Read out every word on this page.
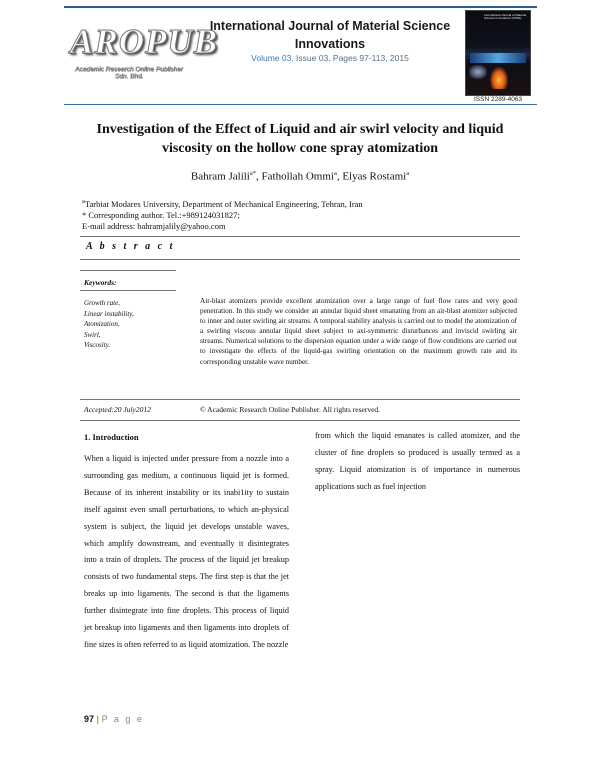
AROPUB
Academic Research Online Publisher Sdn. Bhd.
International Journal of Material Science Innovations
Volume 03, Issue 03, Pages 97-113, 2015
International Journal of Material Science Innovations (IJMSI)
ISSN 2289-4063
Investigation of the Effect of Liquid and air swirl velocity and liquid viscosity on the hollow cone spray atomization
Bahram Jalili$^{a*}$, Fathollah Ommi$^a$, Elyas Rostami$^a$
$^a$Tarbiat Modares University, Department of Mechanical Engineering, Tehran, Iran
* Corresponding author. Tel.:+989124031827;
E-mail address: bahramjalily@yahoo.com
A b s t r a c t
Keywords:
Growth rate,
Linear instability,
Atomization,
Swirl,
Viscosity.
Air-blast atomizers provide excellent atomization over a large range of fuel flow rates and very good penetration. In this study we consider an annular liquid sheet emanating from an air-blast atomizer subjected to inner and outer swirling air streams. A temporal stability analysis is carried out to model the atomization of a swirling viscous annular liquid sheet subject to axi-symmetric disturbances and inviscid swirling air streams. Numerical solutions to the dispersion equation under a wide range of flow conditions are carried out to investigate the effects of the liquid-gas swirling orientation on the maximum growth rate and its corresponding unstable wave number.
Accepted:20 July2012	© Academic Research Online Publisher. All rights reserved.
1. Introduction
When a liquid is injected under pressure from a nozzle into a surrounding gas medium, a continuous liquid jet is formed. Because of its inherent instability or its inabi1ity to sustain itself against even small perturbations, to which an-physical system is subject, the liquid jet develops unstable waves, which amplify downstream, and eventually it disintegrates into a train of droplets. The process of the liquid jet breakup consists of two fundamental steps. The first step is that the jet breaks up into ligaments. The second is that the ligaments further disintegrate into fine droplets. This process of liquid jet breakup into ligaments and then ligaments into droplets of fine sizes is often referred to as liquid atomization. The nozzle
from which the liquid emanates is called atomizer, and the cluster of fine droplets so produced is usually termed as a spray. Liquid atomization is of importance in numerous applications such as fuel injection
97 | P a g e
